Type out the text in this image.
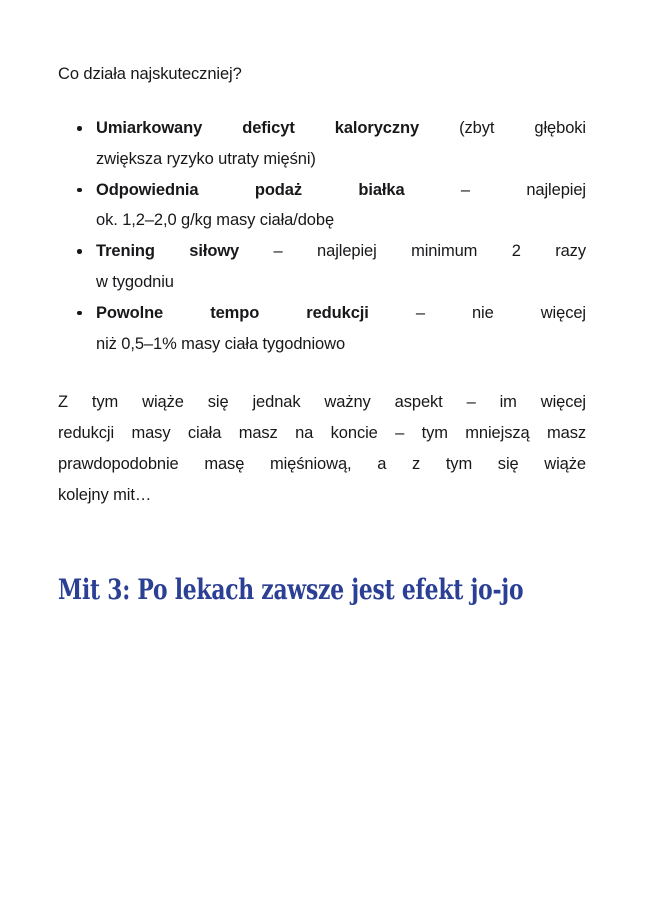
Co działa najskuteczniej?

Umiarkowany deficyt kaloryczny (zbyt głęboki
zwiększa ryzyko utraty mięśni)
Odpowiednia podaż białka – najlepiej
ok. 1,2–2,0 g/kg masy ciała/dobę
Trening siłowy – najlepiej minimum 2 razy
w tygodniu
Powolne tempo redukcji – nie więcej
niż 0,5–1% masy ciała tygodniowo

Z tym wiąże się jednak ważny aspekt – im więcej
redukcji masy ciała masz na koncie – tym mniejszą masz
prawdopodobnie masę mięśniową, a z tym się wiąże
kolejny mit…

Mit 3: Po lekach zawsze jest efekt jo-jo
